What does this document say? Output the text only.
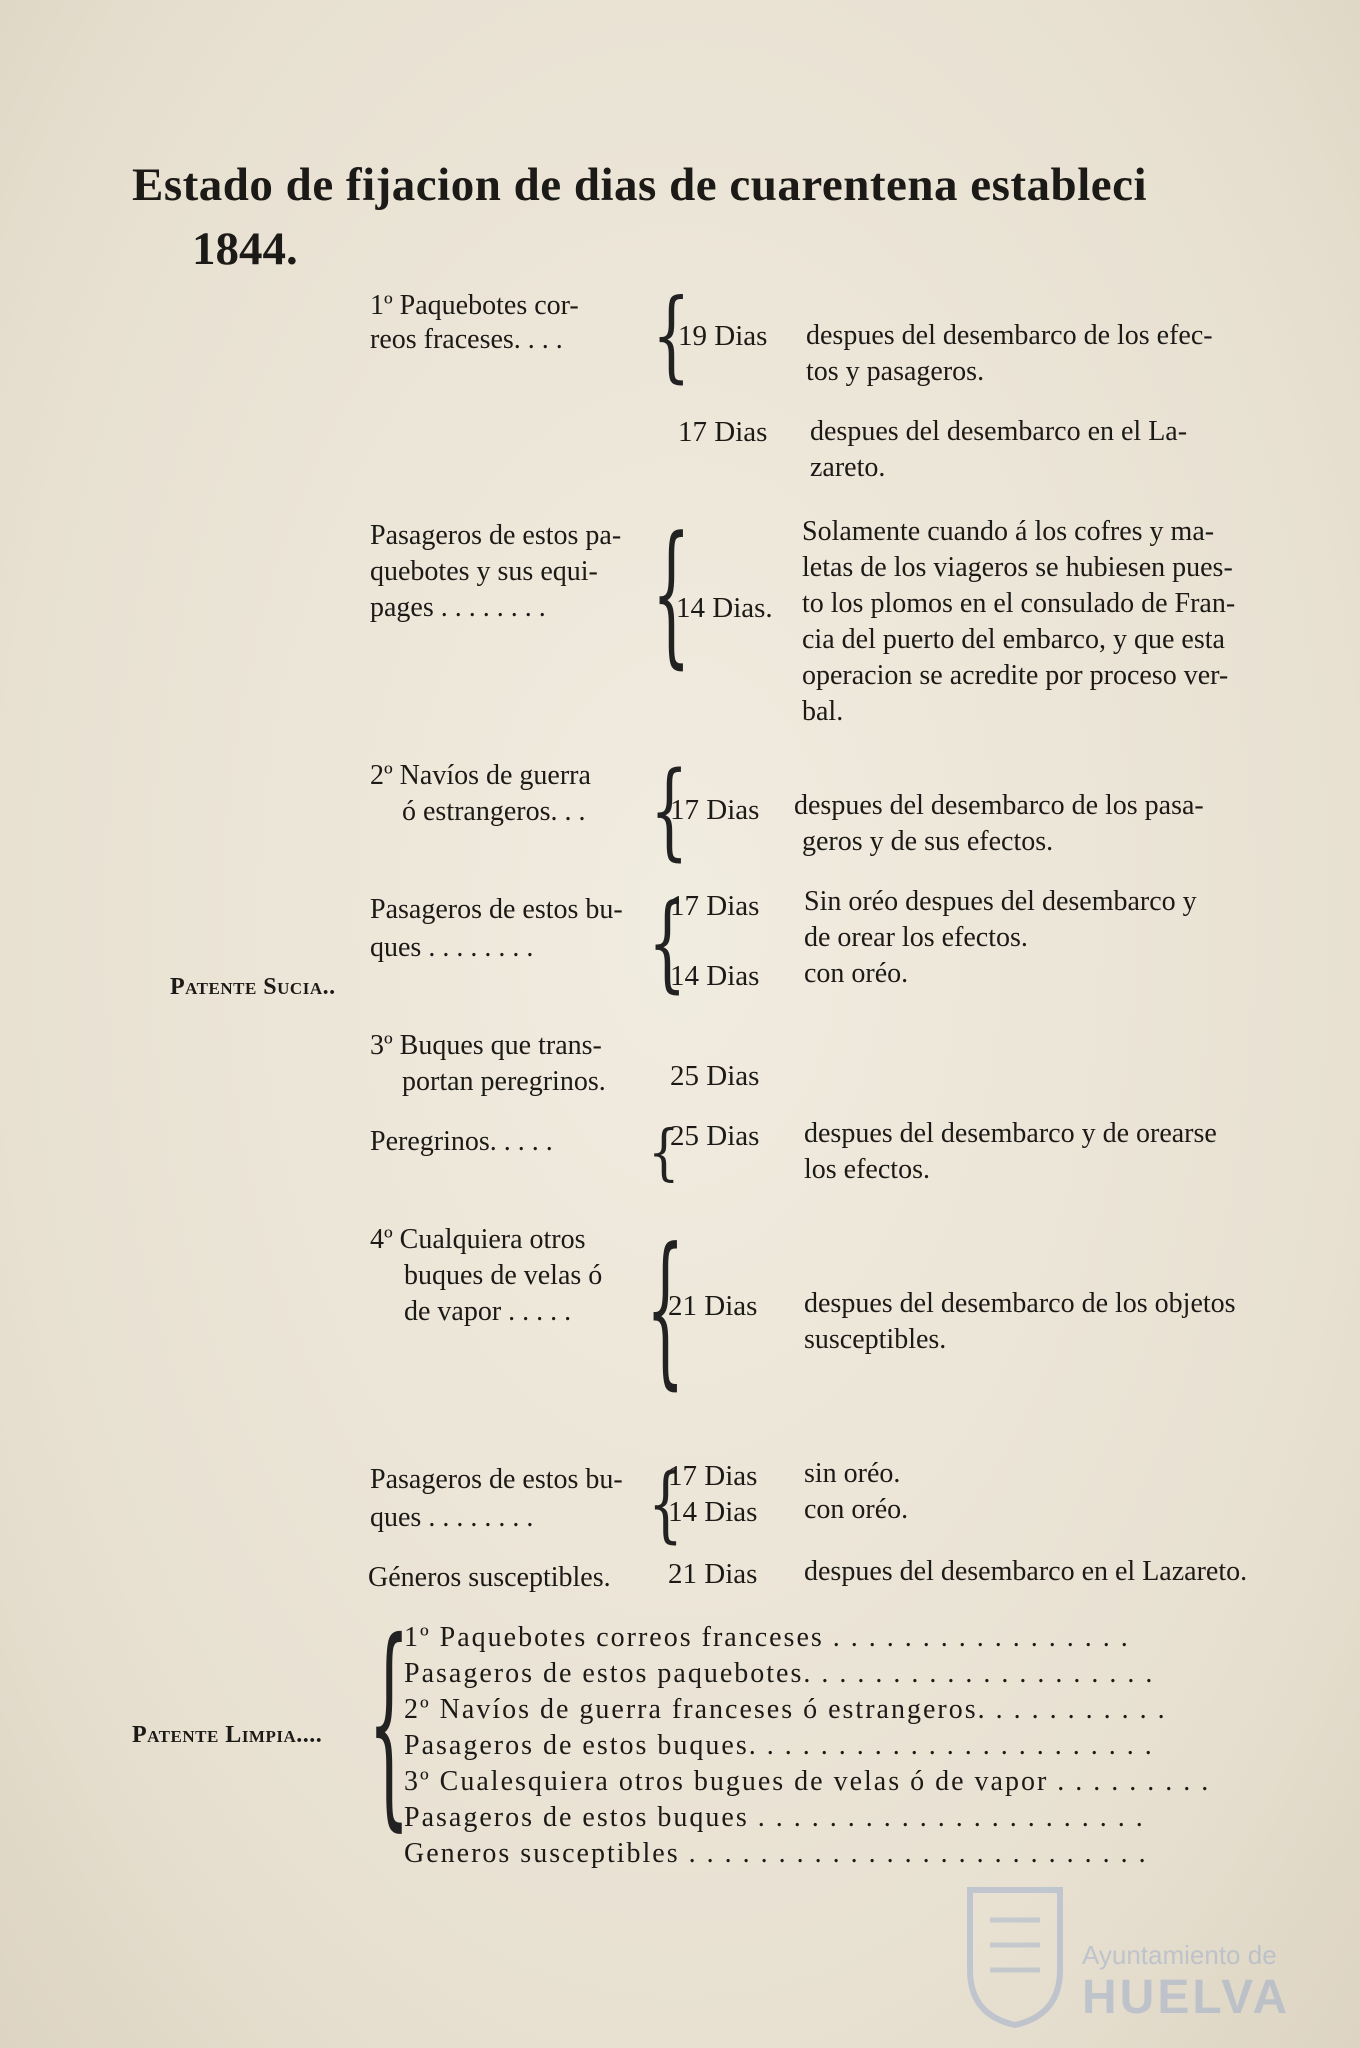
Estado de fijacion de dias de cuarentena estableci
1844.
1º Paquebotes cor-
reos fraceses. . . . {
19 Dias despues del desembarco de los efec-
tos y pasageros.
17 Dias despues del desembarco en el La-
zareto.
Pasageros de estos pa-
quebotes y sus equi-
pages . . . . . . . . {
14 Dias.
Solamente cuando á los cofres y ma-
letas de los viageros se hubiesen pues-
to los plomos en el consulado de Fran-
cia del puerto del embarco, y que esta
operacion se acredite por proceso ver-
bal.
2º Navíos de guerra
ó estrangeros. . . {
17 Dias despues del desembarco de los pasa-
geros y de sus efectos.
Pasageros de estos bu-
ques . . . . . . . . {
17 Dias Sin oréo despues del desembarco y
de orear los efectos.
14 Dias con oréo.
Patente Sucia..
3º Buques que trans-
portan peregrinos. 25 Dias
Peregrinos. . . . . {
25 Dias despues del desembarco y de orearse
los efectos.
4º Cualquiera otros
buques de velas ó
de vapor . . . . . {
21 Dias despues del desembarco de los objetos
susceptibles.
Pasageros de estos bu-
ques . . . . . . . . {
17 Dias sin oréo.
14 Dias con oréo.
Géneros susceptibles. 21 Dias despues del desembarco en el Lazareto.
Patente Limpia.... {
1º Paquebotes correos franceses . . . . . . . . . . . . . . . . .
Pasageros de estos paquebotes. . . . . . . . . . . . . . . . . . . .
2º Navíos de guerra franceses ó estrangeros. . . . . . . . . . .
Pasageros de estos buques. . . . . . . . . . . . . . . . . . . . . . .
3º Cualesquiera otros bugues de velas ó de vapor . . . . . . . . .
Pasageros de estos buques . . . . . . . . . . . . . . . . . . . . . .
Generos susceptibles . . . . . . . . . . . . . . . . . . . . . . . . . .
Ayuntamiento de
HUELVA
